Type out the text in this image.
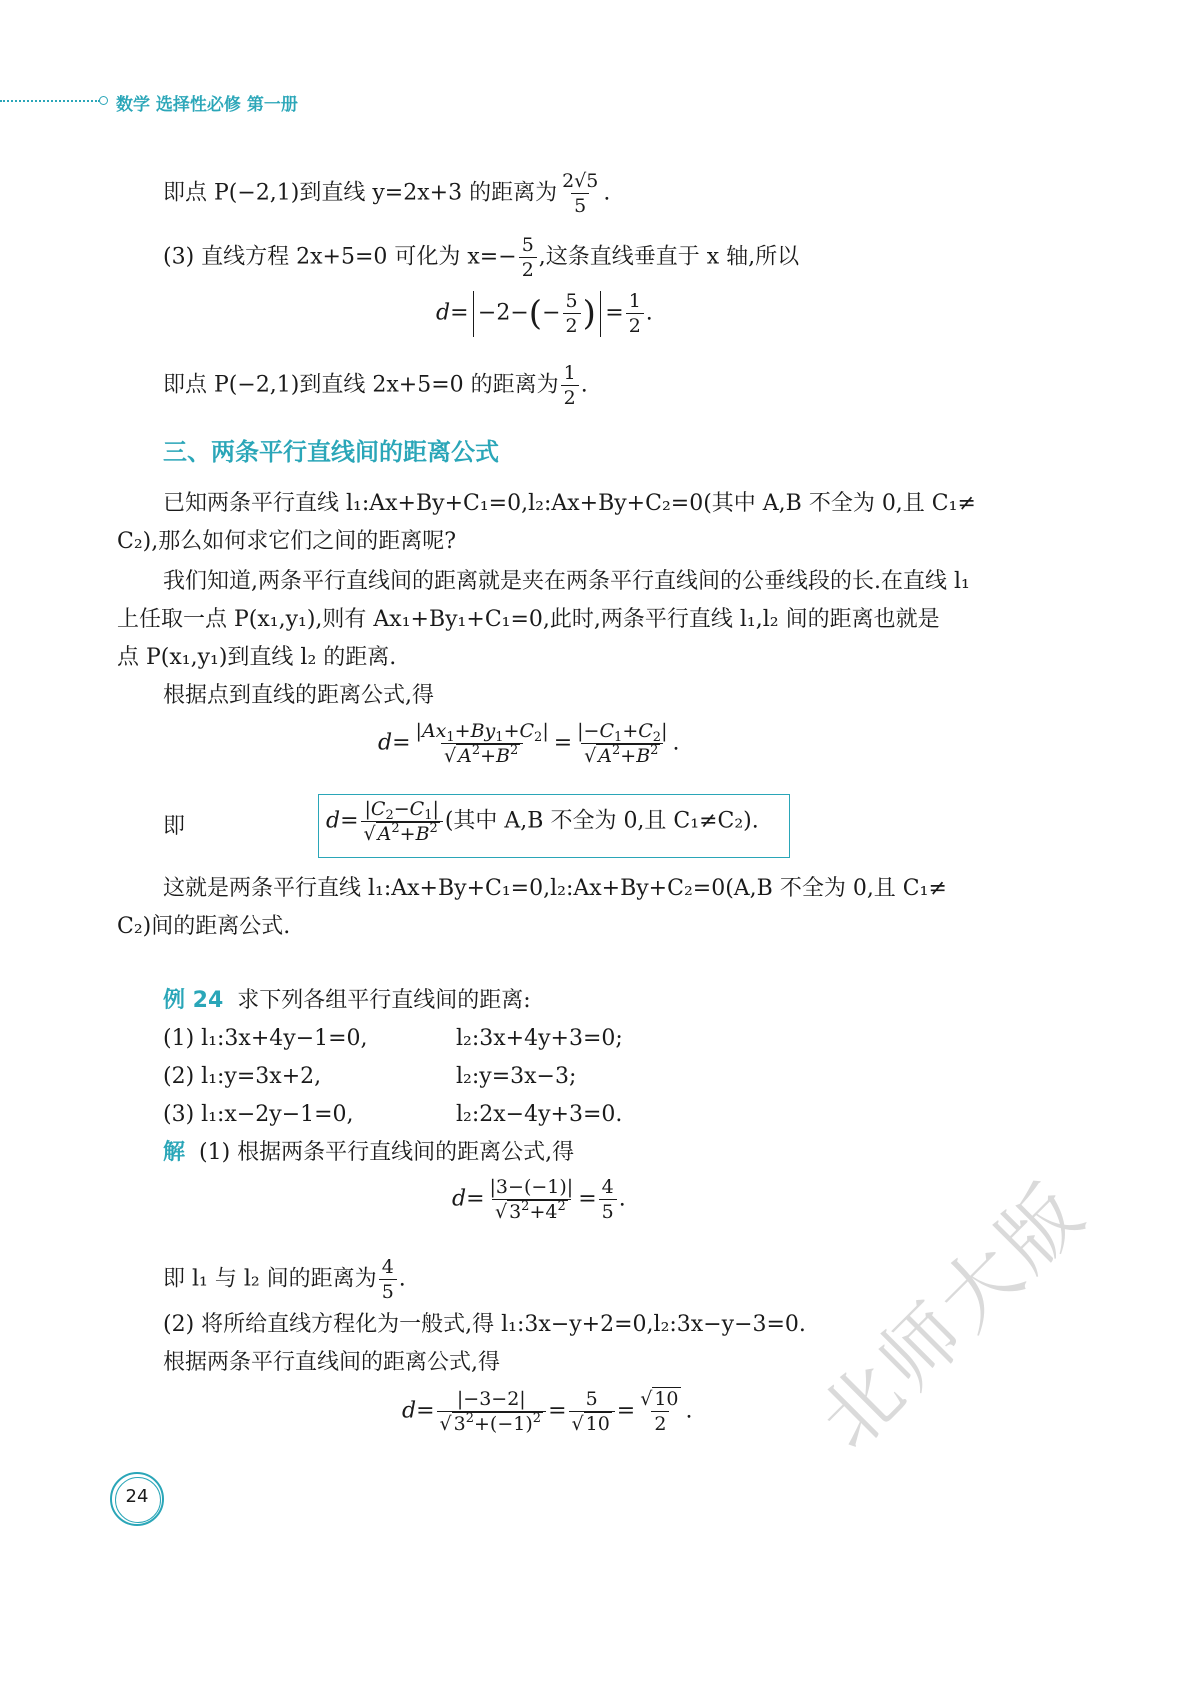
数学 选择性必修 第一册
即点 P(−2,1)到直线 y=2x+3 的距离为 $\frac{2√5}{5}$ .
(3) 直线方程 2x+5=0 可化为 $x=- \frac{5}{2}$ ,这条直线垂直于 x 轴,所以
$d= -2-(- \frac{5}{2}$ ) = $\frac{1}{2}$ .
即点 P(−2,1)到直线 2x+5=0 的距离为 $\frac{1}{2}$ .
三、两条平行直线间的距离公式
已知两条平行直线 l₁:Ax+By+C₁=0,l₂:Ax+By+C₂=0(其中 A,B 不全为 0,且 C₁≠
C₂),那么如何求它们之间的距离呢?
我们知道,两条平行直线间的距离就是夹在两条平行直线间的公垂线段的长.在直线 l₁
上任取一点 P(x₁,y₁),则有 Ax₁+By₁+C₁=0,此时,两条平行直线 l₁,l₂ 间的距离也就是
点 P(x₁,y₁)到直线 l₂ 的距离.
根据点到直线的距离公式,得
$d= \frac{|Ax_1+By_1+C_2|}{√ A^2+B^2} = \frac{|-C_1+C_2|}{√ A^2+B^2}$ .
即	$d= \frac{|C_2-C_1|}{√ A^2+B^2}$ (其中 A,B 不全为 0,且 C₁≠C₂).
这就是两条平行直线 l₁:Ax+By+C₁=0,l₂:Ax+By+C₂=0(A,B 不全为 0,且 C₁≠
C₂)间的距离公式.
例 24 求下列各组平行直线间的距离:
(1) l₁:3x+4y−1=0,	l₂:3x+4y+3=0;
(2) l₁:y=3x+2,	l₂:y=3x−3;
(3) l₁:x−2y−1=0,	l₂:2x−4y+3=0.
解 (1) 根据两条平行直线间的距离公式,得
$d= \frac{|3-(-1)|}{√ 3^2+4^2} = \frac{4}{5}$ .
即 l₁ 与 l₂ 间的距离为 $\frac{4}{5}$ .
(2) 将所给直线方程化为一般式,得 l₁:3x−y+2=0,l₂:3x−y−3=0.
根据两条平行直线间的距离公式,得
$d= \frac{|-3-2|}{√ 3^2+(-1)^2} = \frac{5}{√ 10} = \frac{√ 10}{2}$ .
24
北师大版
